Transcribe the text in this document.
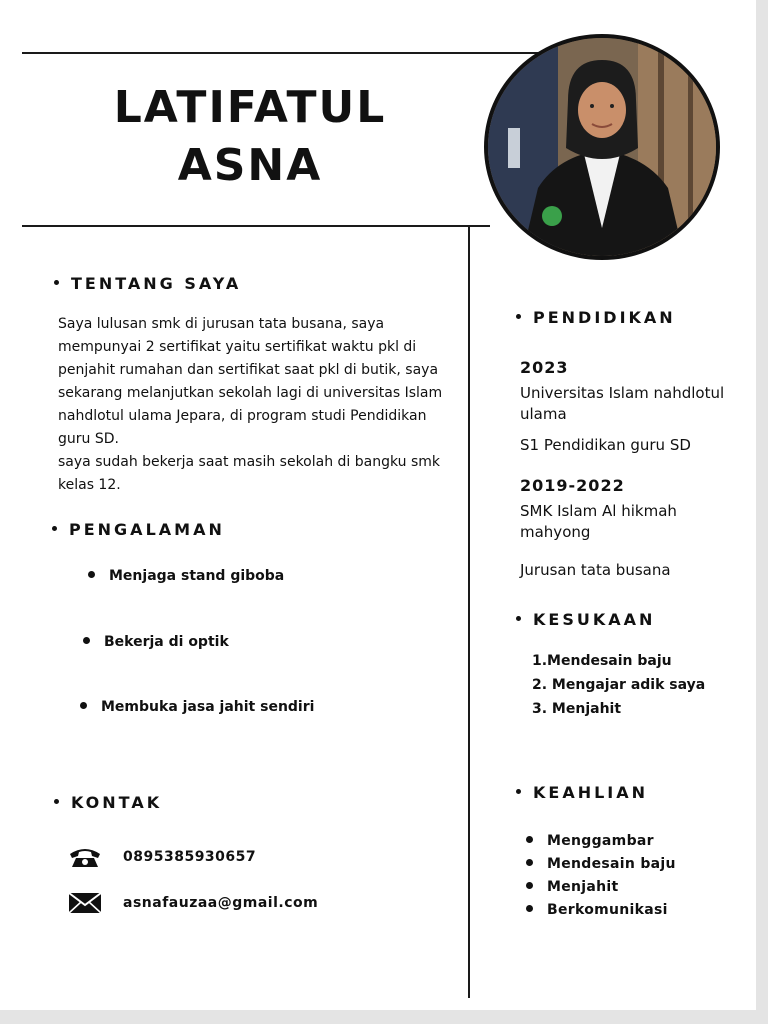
LATIFATUL
ASNA
TENTANG SAYA

Saya lulusan smk di jurusan tata busana, saya mempunyai 2 sertifikat yaitu sertifikat waktu pkl di penjahit rumahan dan sertifikat saat pkl di butik, saya sekarang melanjutkan sekolah lagi di universitas Islam nahdlotul ulama Jepara, di program studi Pendidikan guru SD.

saya sudah bekerja saat masih sekolah di bangku smk kelas 12.

PENGALAMAN
Menjaga stand giboba
Bekerja di optik
Membuka jasa jahit sendiri
KONTAK
0895385930657
asnafauzaa@gmail.com
PENDIDIKAN
2023
Universitas Islam nahdlotul ulama
S1 Pendidikan guru SD
2019-2022
SMK Islam Al hikmah mahyong
Jurusan tata busana
KESUKAAN
1.Mendesain baju
2. Mengajar adik saya
3. Menjahit
KEAHLIAN
Menggambar
Mendesain baju
Menjahit
Berkomunikasi
